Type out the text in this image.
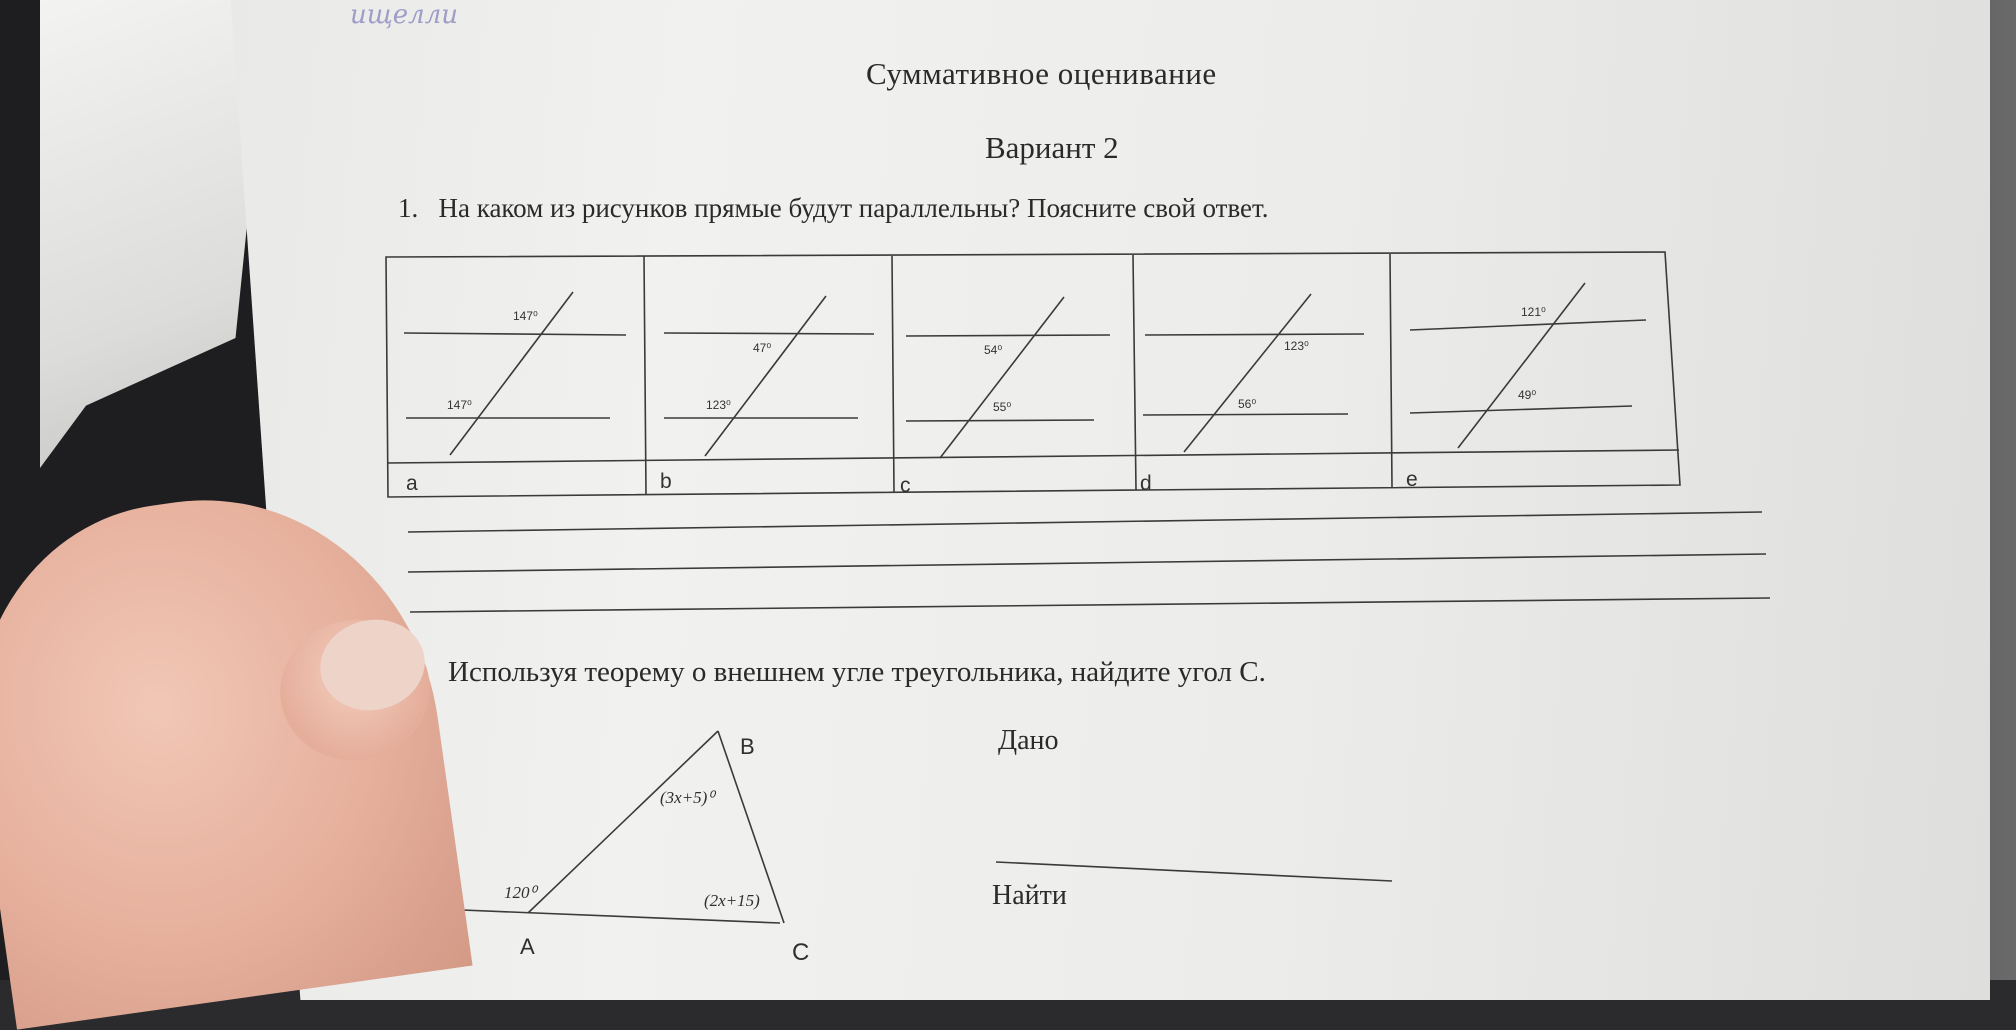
ищелли
Суммативное оценивание
Вариант 2
1. На каком из рисунков прямые будут параллельны? Поясните свой ответ.
147⁰
147⁰
47⁰
123⁰
54⁰
55⁰
123⁰
56⁰
121⁰
49⁰
a	b	c	d	e
B
A	C
(3x+5)⁰
(2x+15)
120⁰
Используя теорему о внешнем угле треугольника, найдите угол С.
Дано
Найти
